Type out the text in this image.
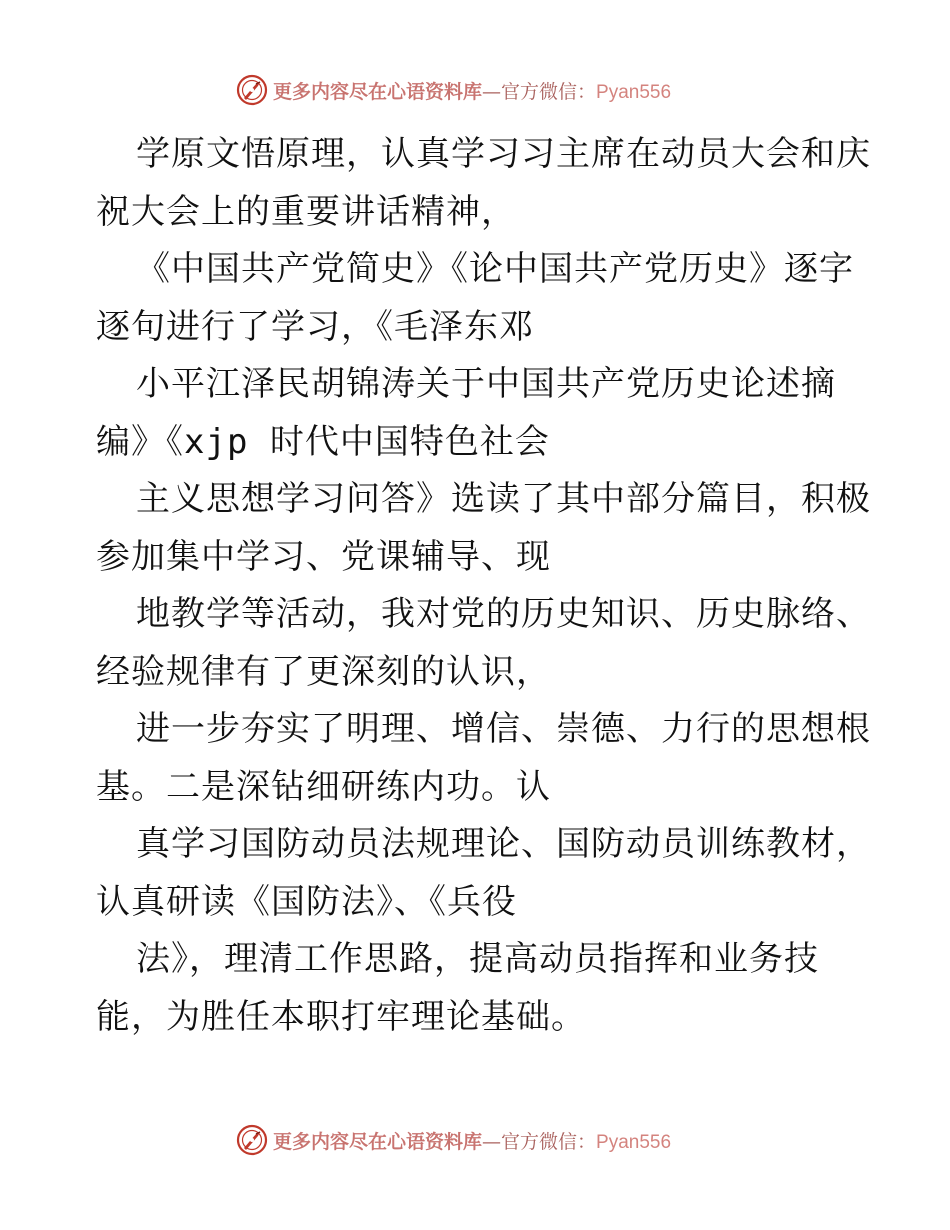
更多内容尽在心语资料库—官方微信：Pyan556
学原文悟原理，认真学习习主席在动员大会和庆
祝大会上的重要讲话精神，
《中国共产党简史》《论中国共产党历史》逐字
逐句进行了学习，《毛泽东邓
小平江泽民胡锦涛关于中国共产党历史论述摘
编》《xjp 时代中国特色社会
主义思想学习问答》选读了其中部分篇目，积极
参加集中学习、党课辅导、现
地教学等活动，我对党的历史知识、历史脉络、
经验规律有了更深刻的认识，
进一步夯实了明理、增信、崇德、力行的思想根
基。二是深钻细研练内功。认
真学习国防动员法规理论、国防动员训练教材，
认真研读《国防法》、《兵役
法》，理清工作思路，提高动员指挥和业务技
能，为胜任本职打牢理论基础。
更多内容尽在心语资料库—官方微信：Pyan556
